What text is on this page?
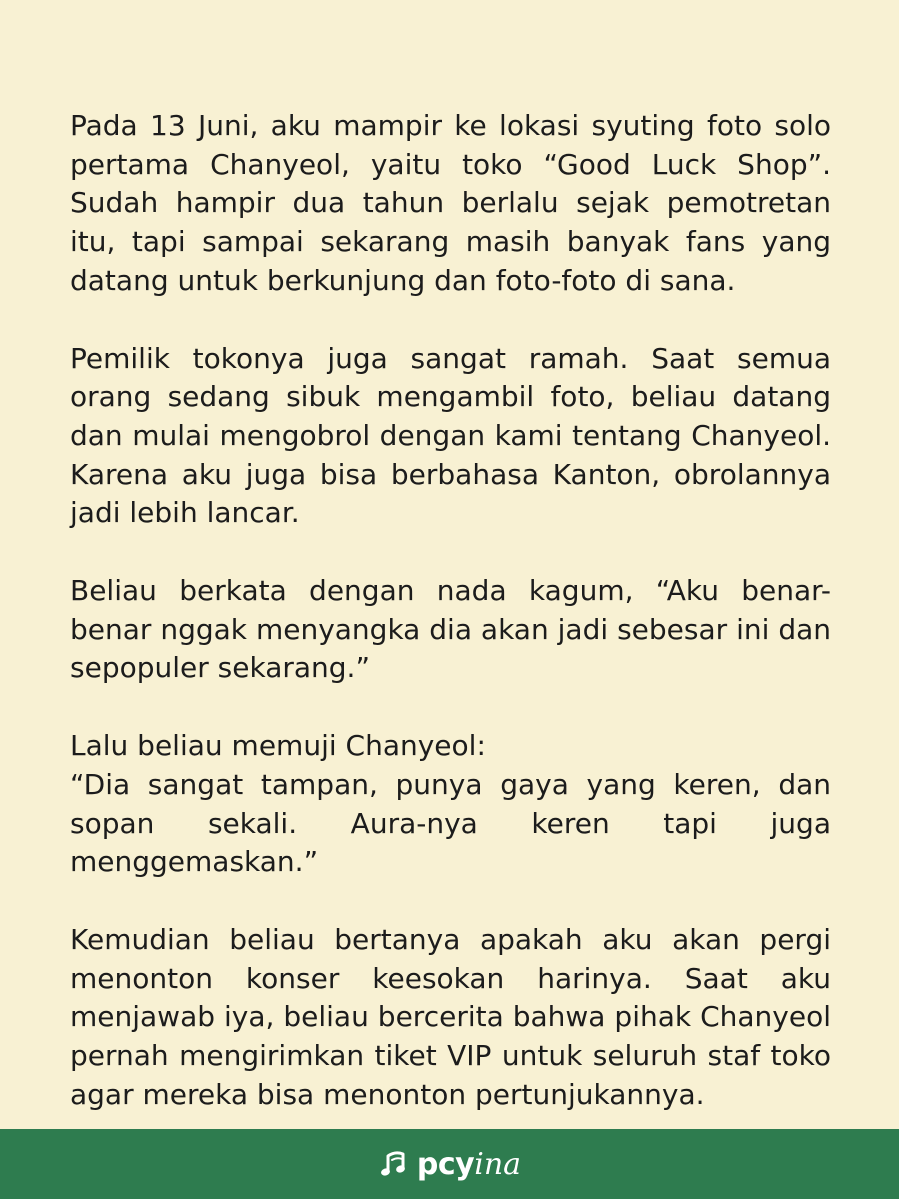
Pada 13 Juni, aku mampir ke lokasi syuting foto solo pertama Chanyeol, yaitu toko “Good Luck Shop”. Sudah hampir dua tahun berlalu sejak pemotretan itu, tapi sampai sekarang masih banyak fans yang datang untuk berkunjung dan foto-foto di sana.

Pemilik tokonya juga sangat ramah. Saat semua orang sedang sibuk mengambil foto, beliau datang dan mulai mengobrol dengan kami tentang Chanyeol. Karena aku juga bisa berbahasa Kanton, obrolannya jadi lebih lancar.

Beliau berkata dengan nada kagum, “Aku benar-benar nggak menyangka dia akan jadi sebesar ini dan sepopuler sekarang.”

Lalu beliau memuji Chanyeol:
“Dia sangat tampan, punya gaya yang keren, dan sopan sekali. Aura-nya keren tapi juga menggemaskan.”

Kemudian beliau bertanya apakah aku akan pergi menonton konser keesokan harinya. Saat aku menjawab iya, beliau bercerita bahwa pihak Chanyeol pernah mengirimkan tiket VIP untuk seluruh staf toko agar mereka bisa menonton pertunjukannya.

pcy ina
